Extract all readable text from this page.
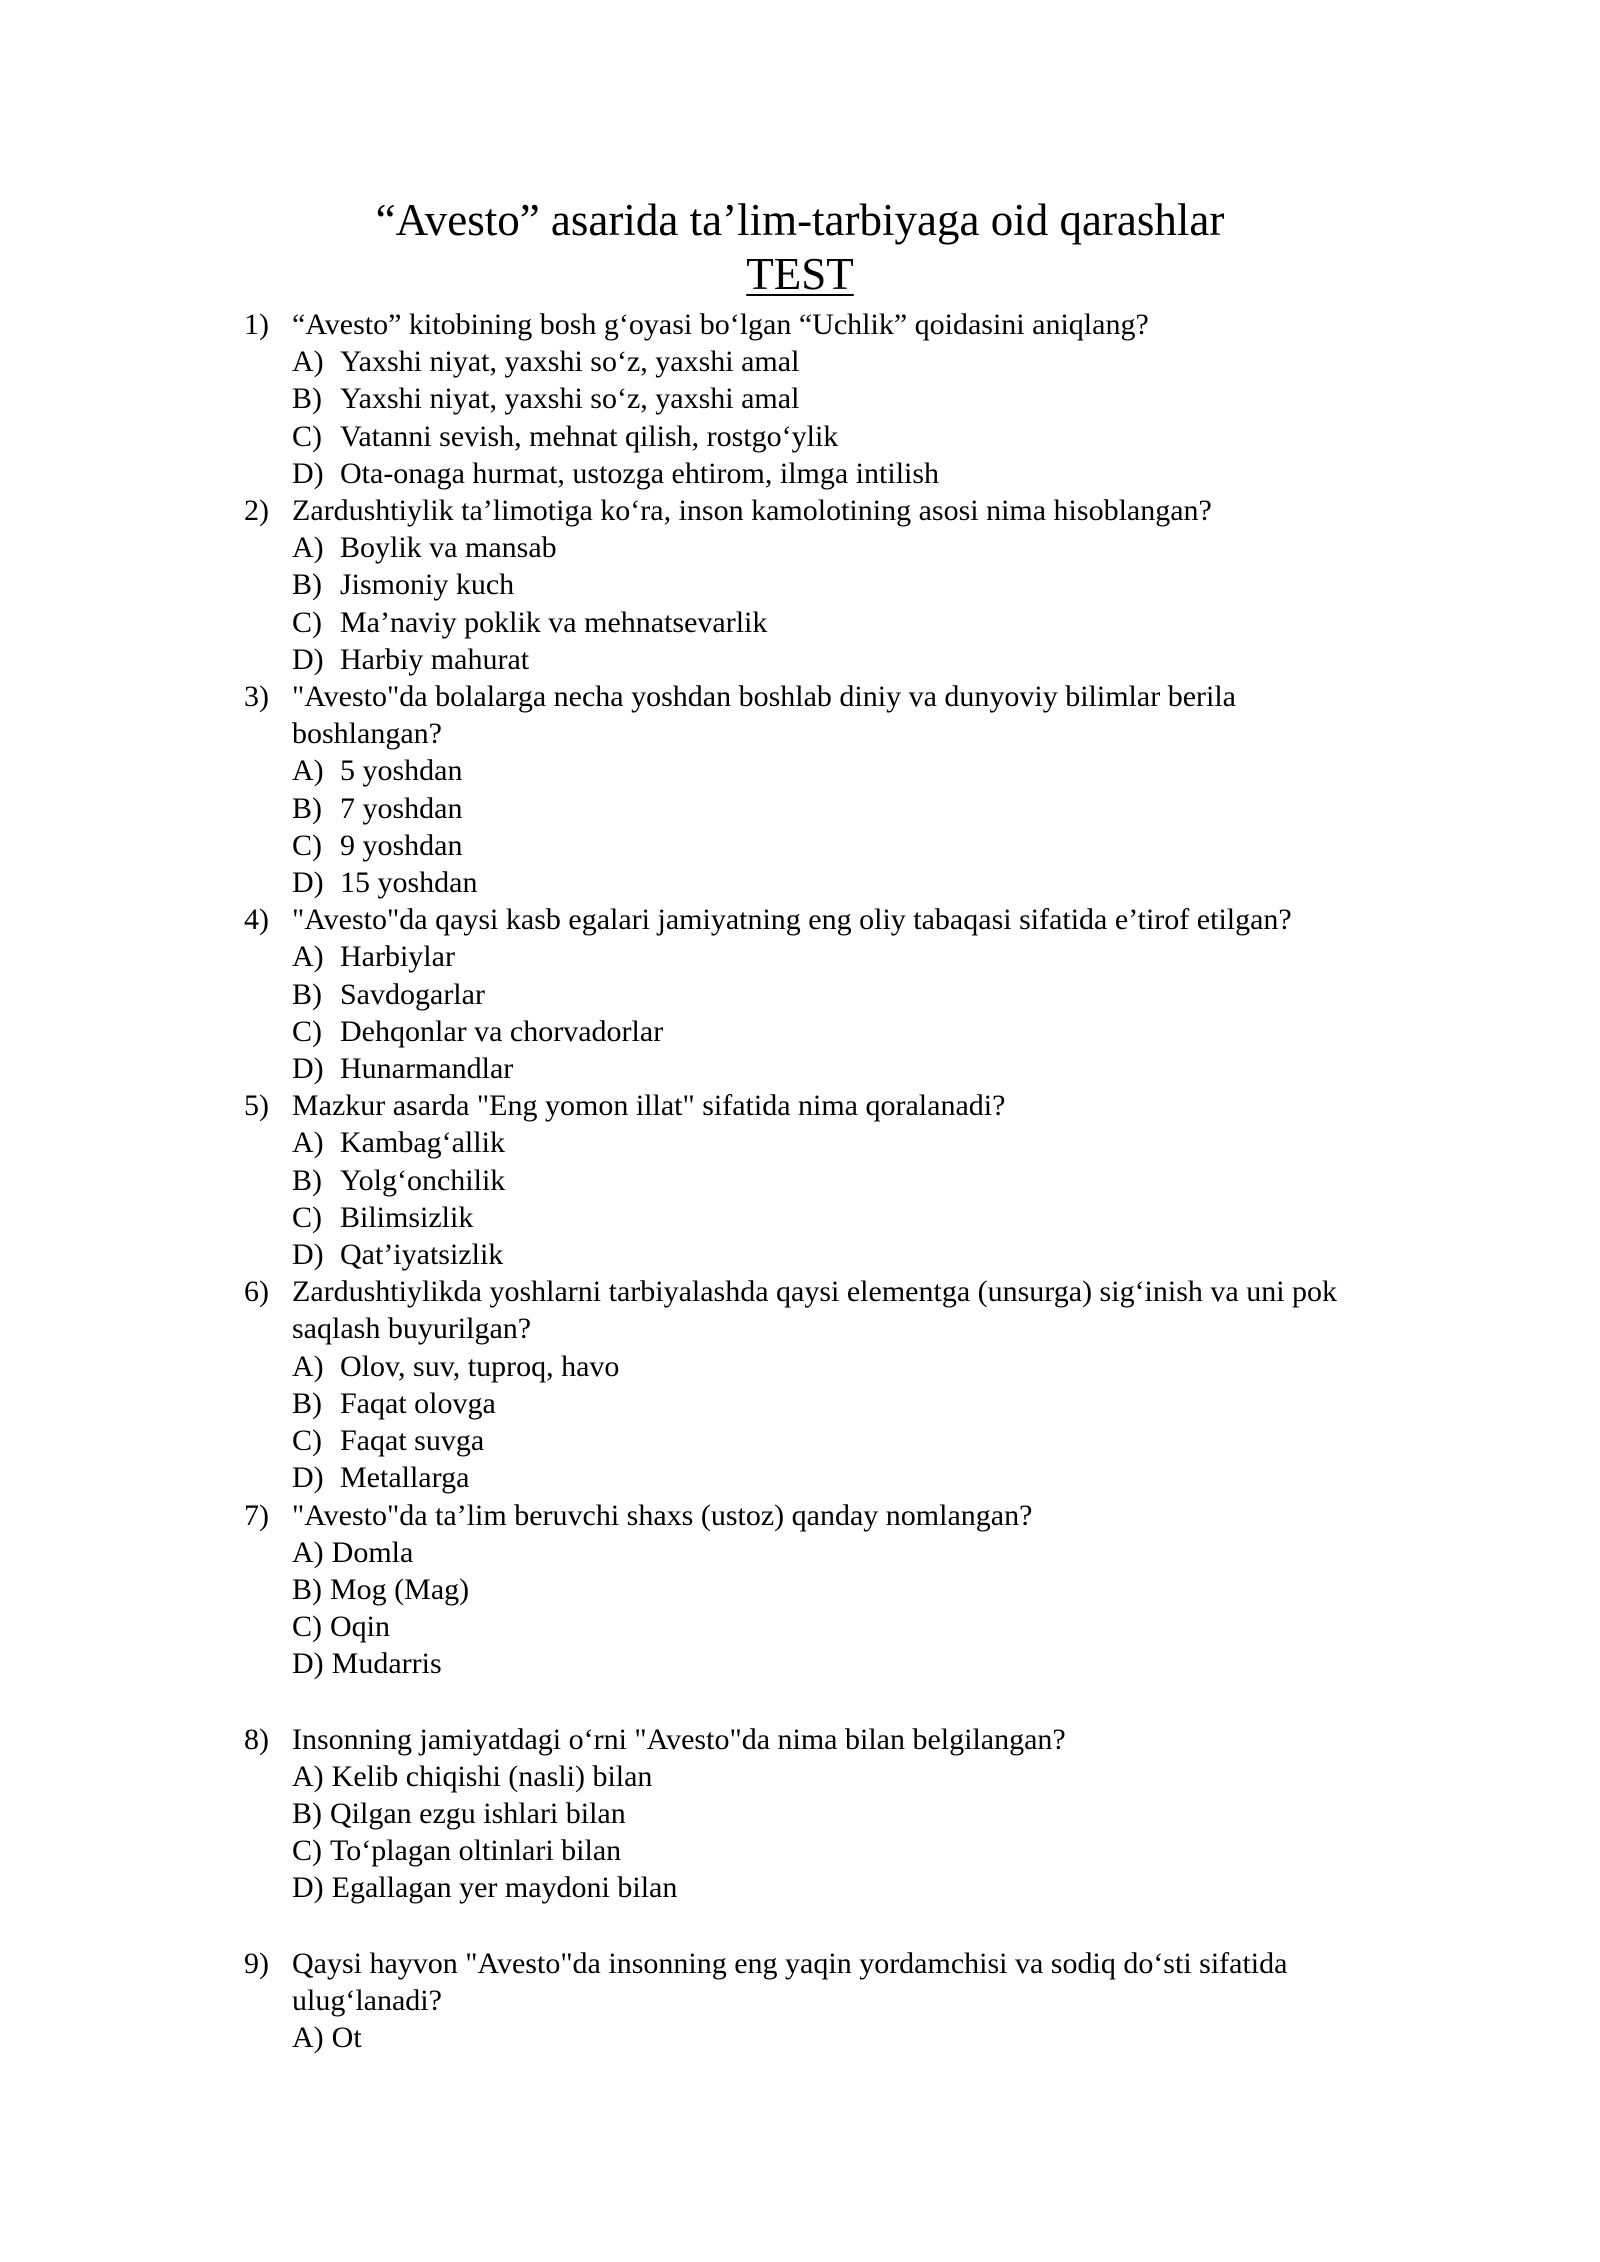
“Avesto” asarida ta’lim-tarbiyaga oid qarashlar
TEST
1) “Avesto” kitobining bosh g‘oyasi bo‘lgan “Uchlik” qoidasini aniqlang?
A) Yaxshi niyat, yaxshi so‘z, yaxshi amal
B) Yaxshi niyat, yaxshi so‘z, yaxshi amal
C) Vatanni sevish, mehnat qilish, rostgo‘ylik
D) Ota-onaga hurmat, ustozga ehtirom, ilmga intilish
2) Zardushtiylik ta’limotiga ko‘ra, inson kamolotining asosi nima hisoblangan?
A) Boylik va mansab
B) Jismoniy kuch
C) Ma’naviy poklik va mehnatsevarlik
D) Harbiy mahurat
3) "Avesto"da bolalarga necha yoshdan boshlab diniy va dunyoviy bilimlar berila boshlangan?
A) 5 yoshdan
B) 7 yoshdan
C) 9 yoshdan
D) 15 yoshdan
4) "Avesto"da qaysi kasb egalari jamiyatning eng oliy tabaqasi sifatida e’tirof etilgan?
A) Harbiylar
B) Savdogarlar
C) Dehqonlar va chorvadorlar
D) Hunarmandlar
5) Mazkur asarda "Eng yomon illat" sifatida nima qoralanadi?
A) Kambag‘allik
B) Yolg‘onchilik
C) Bilimsizlik
D) Qat’iyatsizlik
6) Zardushtiylikda yoshlarni tarbiyalashda qaysi elementga (unsurga) sig‘inish va uni pok saqlash buyurilgan?
A) Olov, suv, tuproq, havo
B) Faqat olovga
C) Faqat suvga
D) Metallarga
7) "Avesto"da ta’lim beruvchi shaxs (ustoz) qanday nomlangan?
A) Domla
B) Mog (Mag)
C) Oqin
D) Mudarris
8) Insonning jamiyatdagi o‘rni "Avesto"da nima bilan belgilangan?
A) Kelib chiqishi (nasli) bilan
B) Qilgan ezgu ishlari bilan
C) To‘plagan oltinlari bilan
D) Egallagan yer maydoni bilan
9) Qaysi hayvon "Avesto"da insonning eng yaqin yordamchisi va sodiq do‘sti sifatida ulug‘lanadi?
A) Ot
